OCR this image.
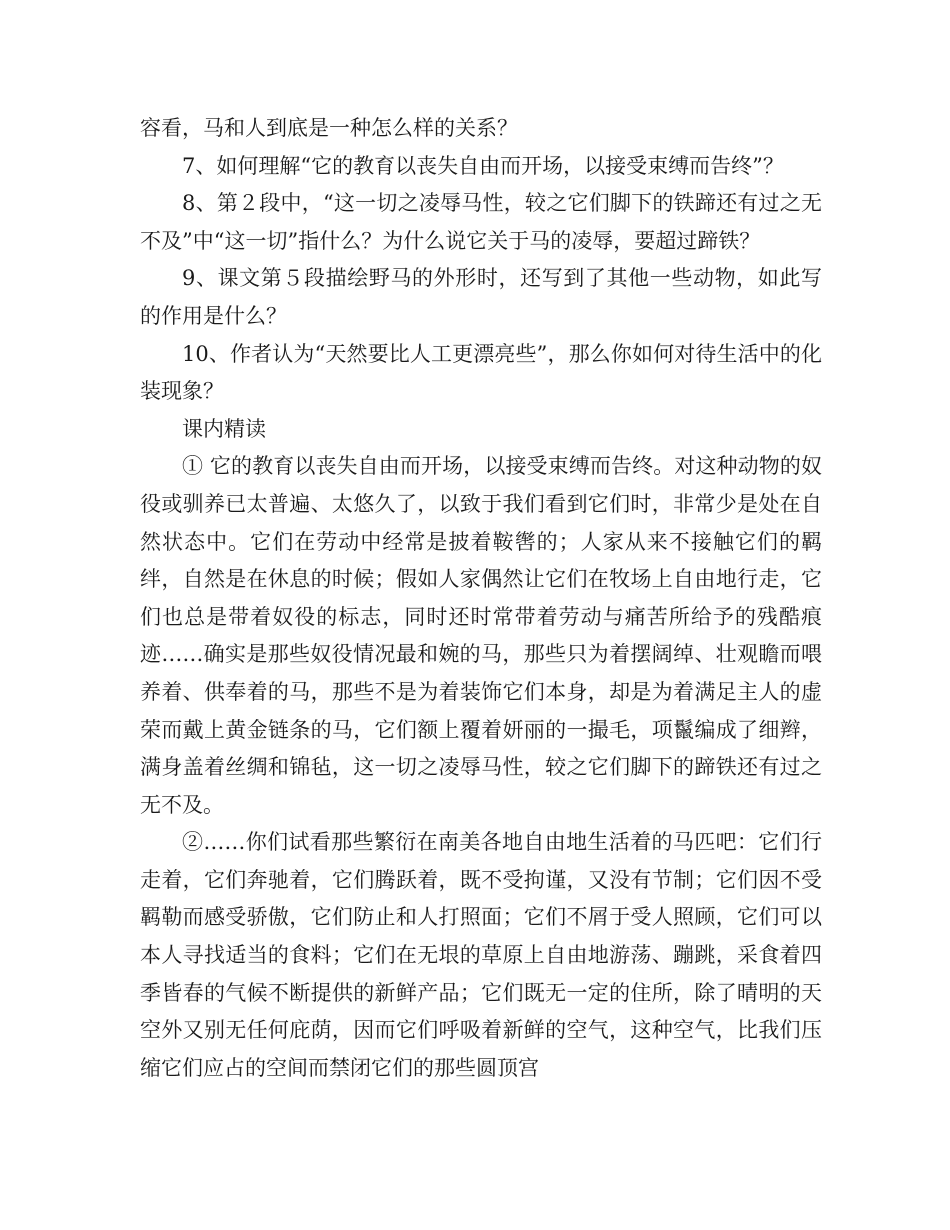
容看，马和人到底是一种怎么样的关系？

7、如何理解“它的教育以丧失自由而开场，以接受束缚而告终”？

8、第２段中，“这一切之凌辱马性，较之它们脚下的铁蹄还有过之无不及”中“这一切”指什么？为什么说它关于马的凌辱，要超过蹄铁？

9、课文第５段描绘野马的外形时，还写到了其他一些动物，如此写的作用是什么？

10、作者认为“天然要比人工更漂亮些”，那么你如何对待生活中的化装现象？

课内精读

① 它的教育以丧失自由而开场，以接受束缚而告终。对这种动物的奴役或驯养已太普遍、太悠久了，以致于我们看到它们时，非常少是处在自然状态中。它们在劳动中经常是披着鞍辔的；人家从来不接触它们的羁绊，自然是在休息的时候；假如人家偶然让它们在牧场上自由地行走，它们也总是带着奴役的标志，同时还时常带着劳动与痛苦所给予的残酷痕迹……确实是那些奴役情况最和婉的马，那些只为着摆阔绰、壮观瞻而喂养着、供奉着的马，那些不是为着装饰它们本身，却是为着满足主人的虚荣而戴上黄金链条的马，它们额上覆着妍丽的一撮毛，项鬣编成了细辫，满身盖着丝绸和锦毡，这一切之凌辱马性，较之它们脚下的蹄铁还有过之无不及。

②……你们试看那些繁衍在南美各地自由地生活着的马匹吧：它们行走着，它们奔驰着，它们腾跃着，既不受拘谨，又没有节制；它们因不受羁勒而感受骄傲，它们防止和人打照面；它们不屑于受人照顾，它们可以本人寻找适当的食料；它们在无垠的草原上自由地游荡、蹦跳，采食着四季皆春的气候不断提供的新鲜产品；它们既无一定的住所，除了晴明的天空外又别无任何庇荫，因而它们呼吸着新鲜的空气，这种空气，比我们压缩它们应占的空间而禁闭它们的那些圆顶宫
